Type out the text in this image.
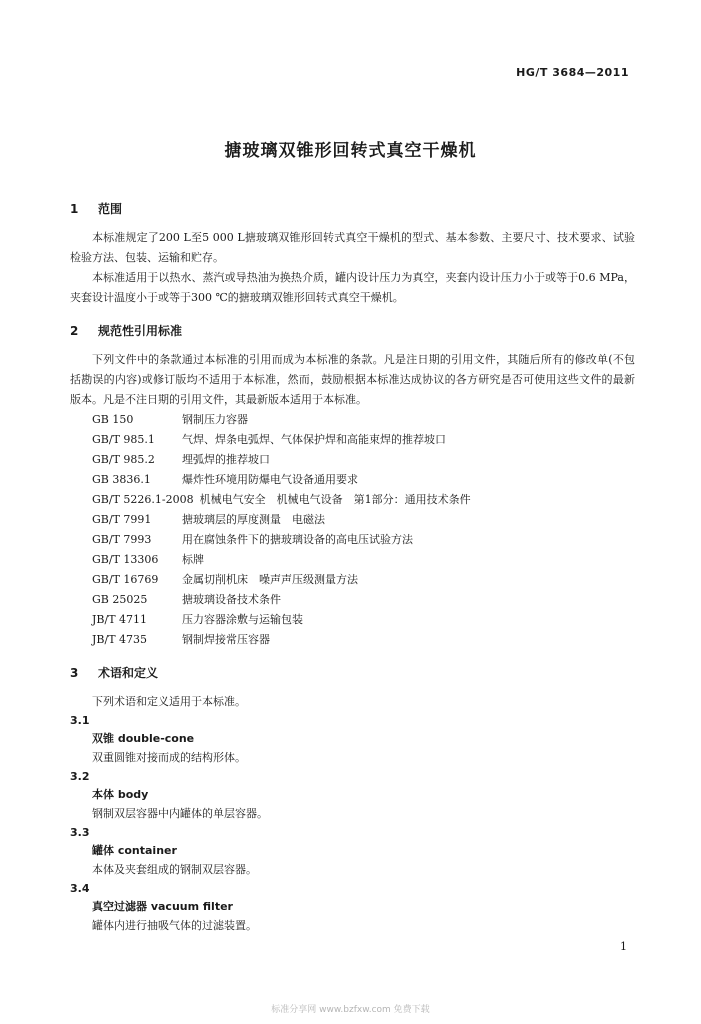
HG/T 3684—2011
搪玻璃双锥形回转式真空干燥机
1	范围

本标准规定了200 L至5 000 L搪玻璃双锥形回转式真空干燥机的型式、基本参数、主要尺寸、技术要求、试验检验方法、包装、运输和贮存。

本标准适用于以热水、蒸汽或导热油为换热介质，罐内设计压力为真空，夹套内设计压力小于或等于0.6 MPa，夹套设计温度小于或等于300 ℃的搪玻璃双锥形回转式真空干燥机。

2	规范性引用标准

下列文件中的条款通过本标准的引用而成为本标准的条款。凡是注日期的引用文件，其随后所有的修改单(不包括勘误的内容)或修订版均不适用于本标准，然而，鼓励根据本标准达成协议的各方研究是否可使用这些文件的最新版本。凡是不注日期的引用文件，其最新版本适用于本标准。

GB 150	钢制压力容器
GB/T 985.1 气焊、焊条电弧焊、气体保护焊和高能束焊的推荐坡口
GB/T 985.2 埋弧焊的推荐坡口
GB 3836.1	爆炸性环境用防爆电气设备通用要求
GB/T 5226.1-2008 机械电气安全　机械电气设备　第1部分：通用技术条件
GB/T 7991	搪玻璃层的厚度测量　电磁法
GB/T 7993	用在腐蚀条件下的搪玻璃设备的高电压试验方法
GB/T 13306 标牌
GB/T 16769 金属切削机床　噪声声压级测量方法
GB 25025	搪玻璃设备技术条件
JB/T 4711	压力容器涂敷与运输包装
JB/T 4735	钢制焊接常压容器
3	术语和定义

下列术语和定义适用于本标准。

3.1
双锥 double-cone
双重圆锥对接而成的结构形体。
3.2
本体 body
钢制双层容器中内罐体的单层容器。
3.3
罐体 container
本体及夹套组成的钢制双层容器。
3.4
真空过滤器 vacuum filter
罐体内进行抽吸气体的过滤装置。
1
标准分享网 www.bzfxw.com 免费下载
